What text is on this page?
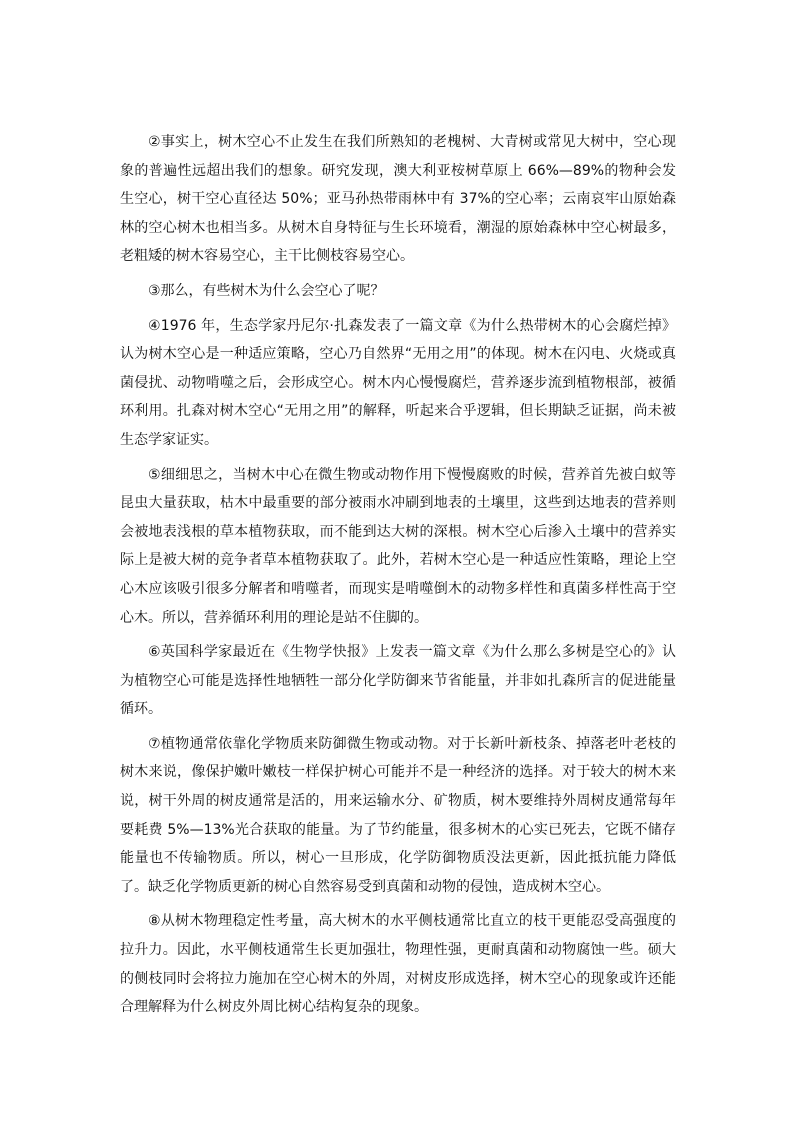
②事实上，树木空心不止发生在我们所熟知的老槐树、大青树或常见大树中，空心现象的普遍性远超出我们的想象。研究发现，澳大利亚桉树草原上 66%—89%的物种会发生空心，树干空心直径达 50%；亚马孙热带雨林中有 37%的空心率；云南哀牢山原始森林的空心树木也相当多。从树木自身特征与生长环境看，潮湿的原始森林中空心树最多，老粗矮的树木容易空心，主干比侧枝容易空心。

③那么，有些树木为什么会空心了呢？

④1976 年，生态学家丹尼尔·扎森发表了一篇文章《为什么热带树木的心会腐烂掉》认为树木空心是一种适应策略，空心乃自然界“无用之用”的体现。树木在闪电、火烧或真菌侵扰、动物啃噬之后，会形成空心。树木内心慢慢腐烂，营养逐步流到植物根部，被循环利用。扎森对树木空心“无用之用”的解释，听起来合乎逻辑，但长期缺乏证据，尚未被生态学家证实。

⑤细细思之，当树木中心在微生物或动物作用下慢慢腐败的时候，营养首先被白蚁等昆虫大量获取，枯木中最重要的部分被雨水冲刷到地表的土壤里，这些到达地表的营养则会被地表浅根的草本植物获取，而不能到达大树的深根。树木空心后渗入土壤中的营养实际上是被大树的竞争者草本植物获取了。此外，若树木空心是一种适应性策略，理论上空心木应该吸引很多分解者和啃噬者，而现实是啃噬倒木的动物多样性和真菌多样性高于空心木。所以，营养循环利用的理论是站不住脚的。

⑥英国科学家最近在《生物学快报》上发表一篇文章《为什么那么多树是空心的》认为植物空心可能是选择性地牺牲一部分化学防御来节省能量，并非如扎森所言的促进能量循环。

⑦植物通常依靠化学物质来防御微生物或动物。对于长新叶新枝条、掉落老叶老枝的树木来说，像保护嫩叶嫩枝一样保护树心可能并不是一种经济的选择。对于较大的树木来说，树干外周的树皮通常是活的，用来运输水分、矿物质，树木要维持外周树皮通常每年要耗费 5%—13%光合获取的能量。为了节约能量，很多树木的心实已死去，它既不储存能量也不传输物质。所以，树心一旦形成，化学防御物质没法更新，因此抵抗能力降低了。缺乏化学物质更新的树心自然容易受到真菌和动物的侵蚀，造成树木空心。

⑧从树木物理稳定性考量，高大树木的水平侧枝通常比直立的枝干更能忍受高强度的拉升力。因此，水平侧枝通常生长更加强壮，物理性强，更耐真菌和动物腐蚀一些。硕大的侧枝同时会将拉力施加在空心树木的外周，对树皮形成选择，树木空心的现象或许还能合理解释为什么树皮外周比树心结构复杂的现象。
